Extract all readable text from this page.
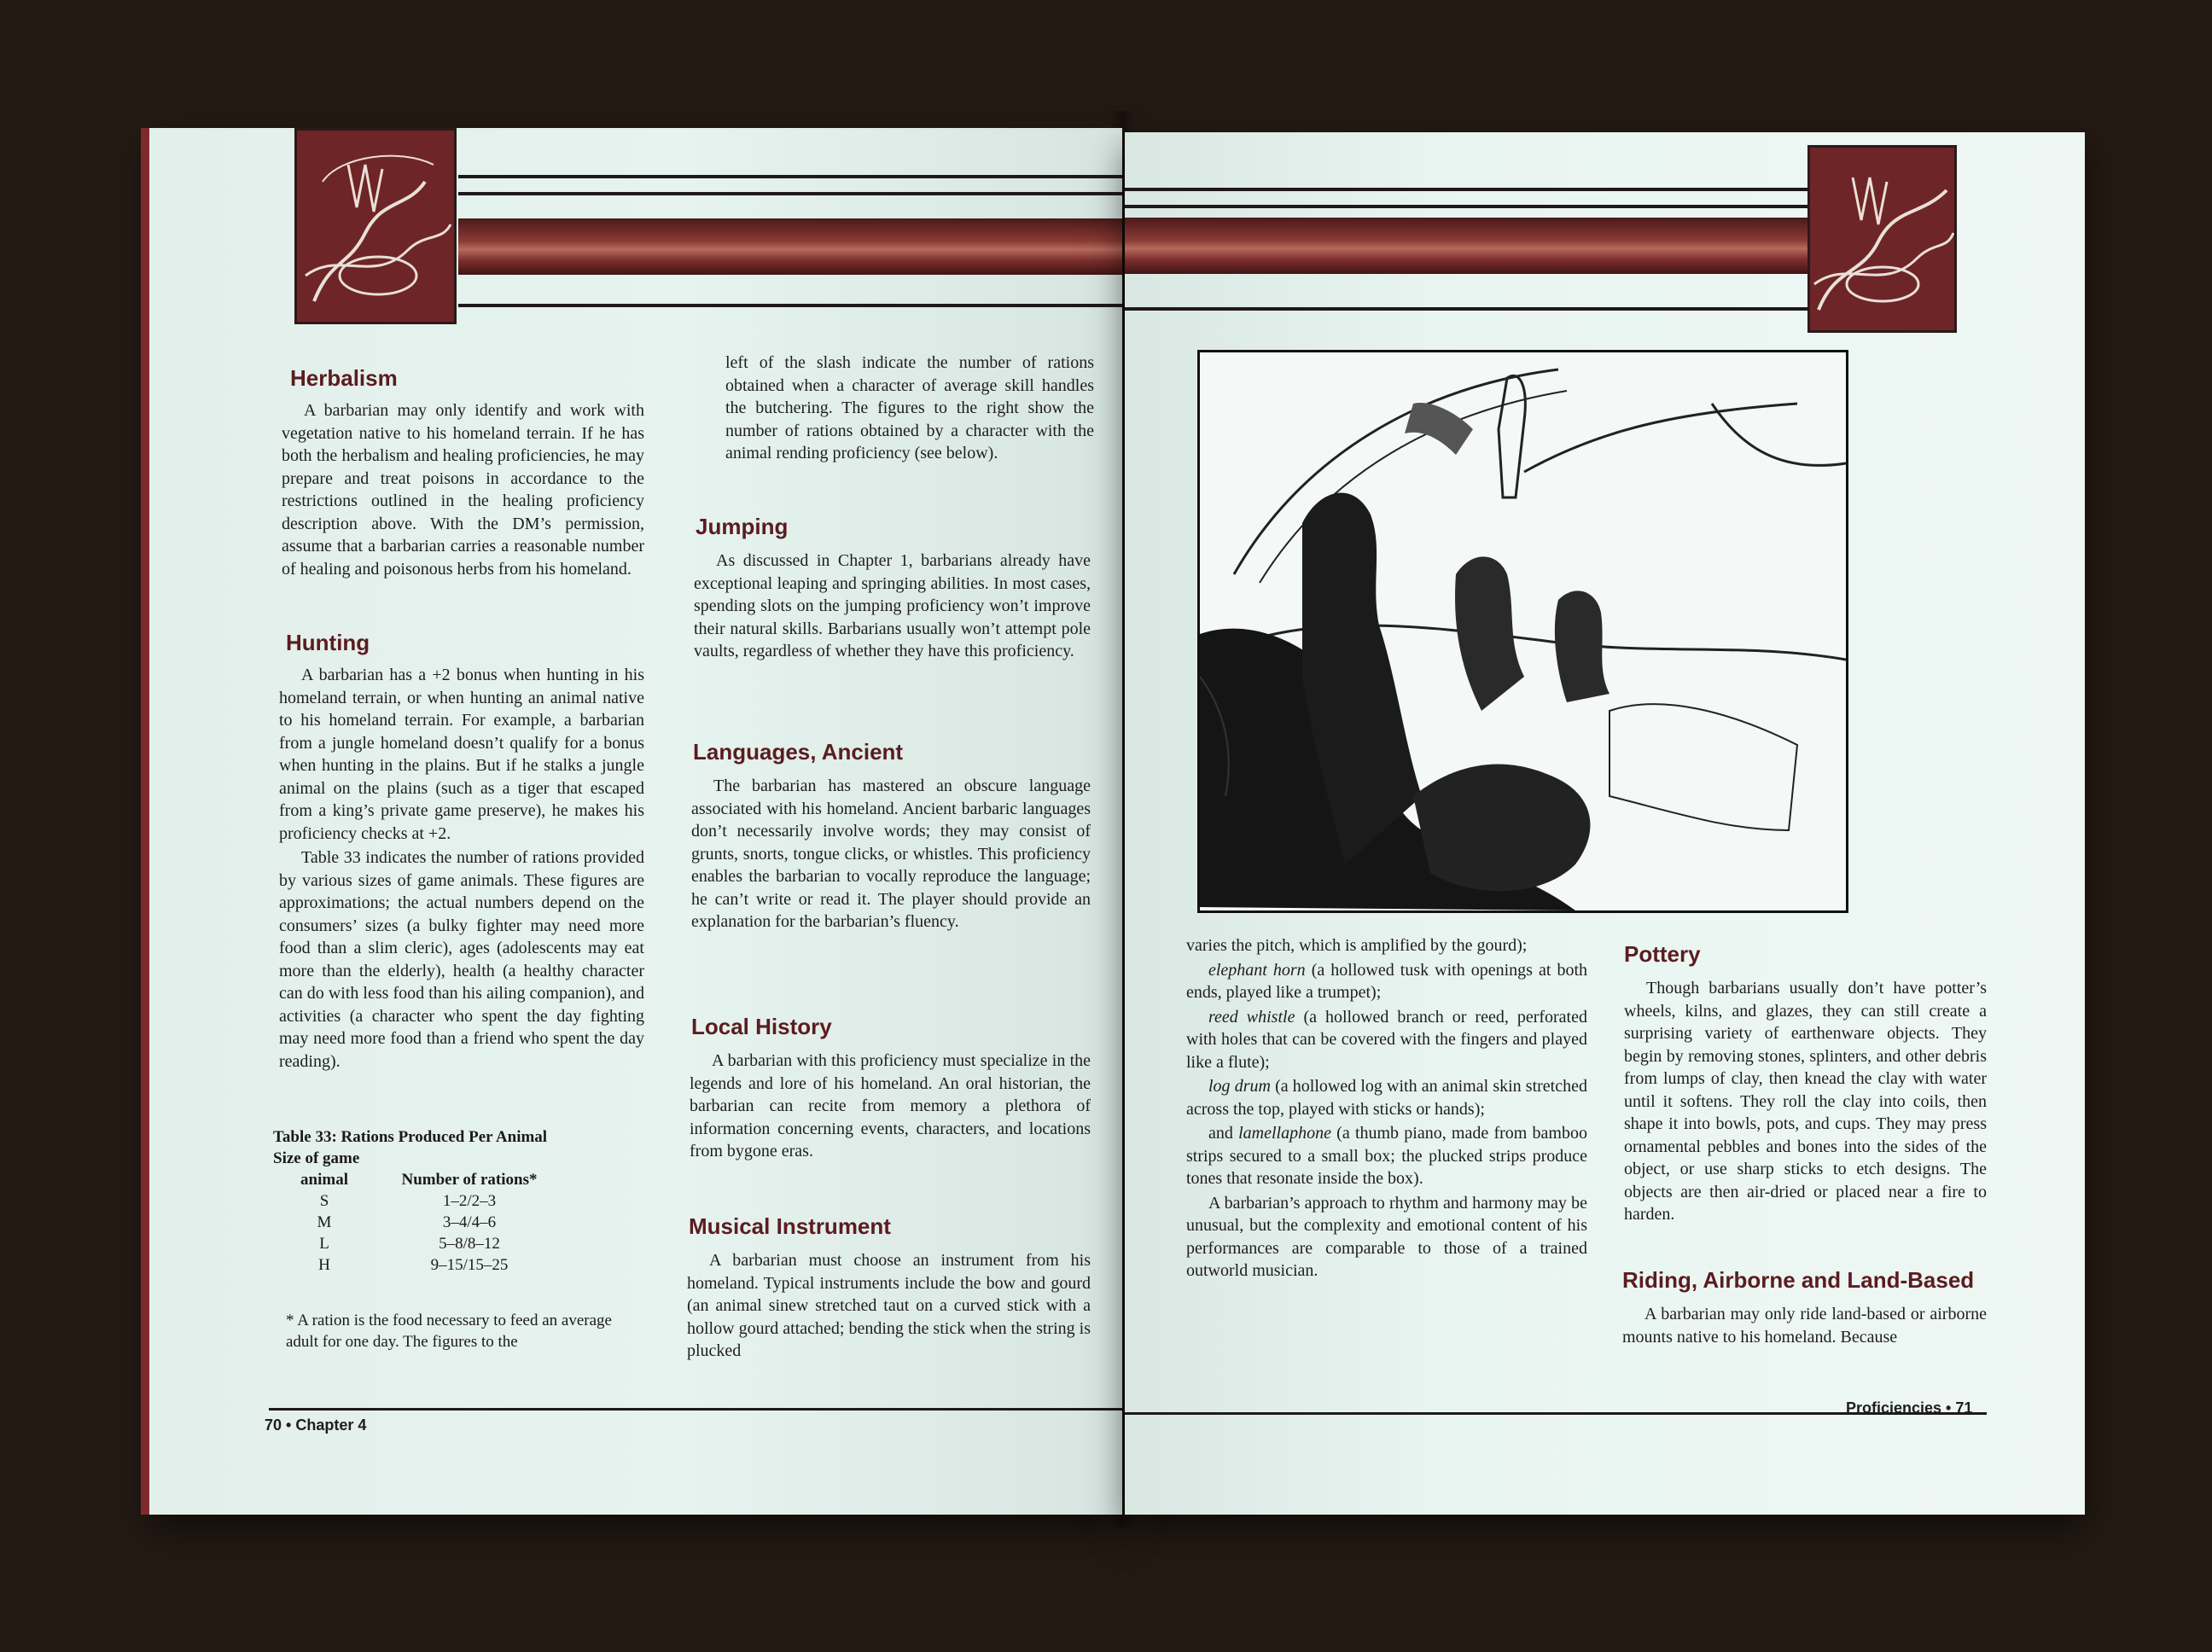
Herbalism

A barbarian may only identify and work with vegetation native to his homeland terrain. If he has both the herbalism and healing proficiencies, he may prepare and treat poisons in accordance to the restrictions outlined in the healing proficiency description above. With the DM’s permission, assume that a barbarian carries a reasonable number of healing and poisonous herbs from his homeland.

Hunting

A barbarian has a +2 bonus when hunting in his homeland terrain, or when hunting an animal native to his homeland terrain. For example, a barbarian from a jungle homeland doesn’t qualify for a bonus when hunting in the plains. But if he stalks a jungle animal on the plains (such as a tiger that escaped from a king’s private game preserve), he makes his proficiency checks at +2.

Table 33 indicates the number of rations provided by various sizes of game animals. These figures are approximations; the actual numbers depend on the consumers’ sizes (a bulky fighter may need more food than a slim cleric), ages (adolescents may eat more than the elderly), health (a healthy character can do with less food than his ailing companion), and activities (a character who spent the day fighting may need more food than a friend who spent the day reading).

Table 33: Rations Produced Per Animal
Size of game
animal	Number of rations*
S	1–2/2–3
M	3–4/4–6
L	5–8/8–12
H	9–15/15–25
* A ration is the food necessary to feed an average adult for one day. The figures to the

left of the slash indicate the number of rations obtained when a character of average skill handles the butchering. The figures to the right show the number of rations obtained by a character with the animal rending proficiency (see below).

Jumping

As discussed in Chapter 1, barbarians already have exceptional leaping and springing abilities. In most cases, spending slots on the jumping proficiency won’t improve their natural skills. Barbarians usually won’t attempt pole vaults, regardless of whether they have this proficiency.

Languages, Ancient

The barbarian has mastered an obscure language associated with his homeland. Ancient barbaric languages don’t necessarily involve words; they may consist of grunts, snorts, tongue clicks, or whistles. This proficiency enables the barbarian to vocally reproduce the language; he can’t write or read it. The player should provide an explanation for the barbarian’s fluency.

Local History

A barbarian with this proficiency must specialize in the legends and lore of his homeland. An oral historian, the barbarian can recite from memory a plethora of information concerning events, characters, and locations from bygone eras.

Musical Instrument

A barbarian must choose an instrument from his homeland. Typical instruments include the bow and gourd (an animal sinew stretched taut on a curved stick with a hollow gourd attached; bending the stick when the string is plucked

70 • Chapter 4

varies the pitch, which is amplified by the gourd);

elephant horn (a hollowed tusk with openings at both ends, played like a trumpet);

reed whistle (a hollowed branch or reed, perforated with holes that can be covered with the fingers and played like a flute);

log drum (a hollowed log with an animal skin stretched across the top, played with sticks or hands);

and lamellaphone (a thumb piano, made from bamboo strips secured to a small box; the plucked strips produce tones that resonate inside the box).

A barbarian’s approach to rhythm and harmony may be unusual, but the complexity and emotional content of his performances are comparable to those of a trained outworld musician.

Pottery

Though barbarians usually don’t have potter’s wheels, kilns, and glazes, they can still create a surprising variety of earthenware objects. They begin by removing stones, splinters, and other debris from lumps of clay, then knead the clay with water until it softens. They roll the clay into coils, then shape it into bowls, pots, and cups. They may press ornamental pebbles and bones into the sides of the object, or use sharp sticks to etch designs. The objects are then air-dried or placed near a fire to harden.

Riding, Airborne and Land-Based

A barbarian may only ride land-based or airborne mounts native to his homeland. Because

Proficiencies • 71
